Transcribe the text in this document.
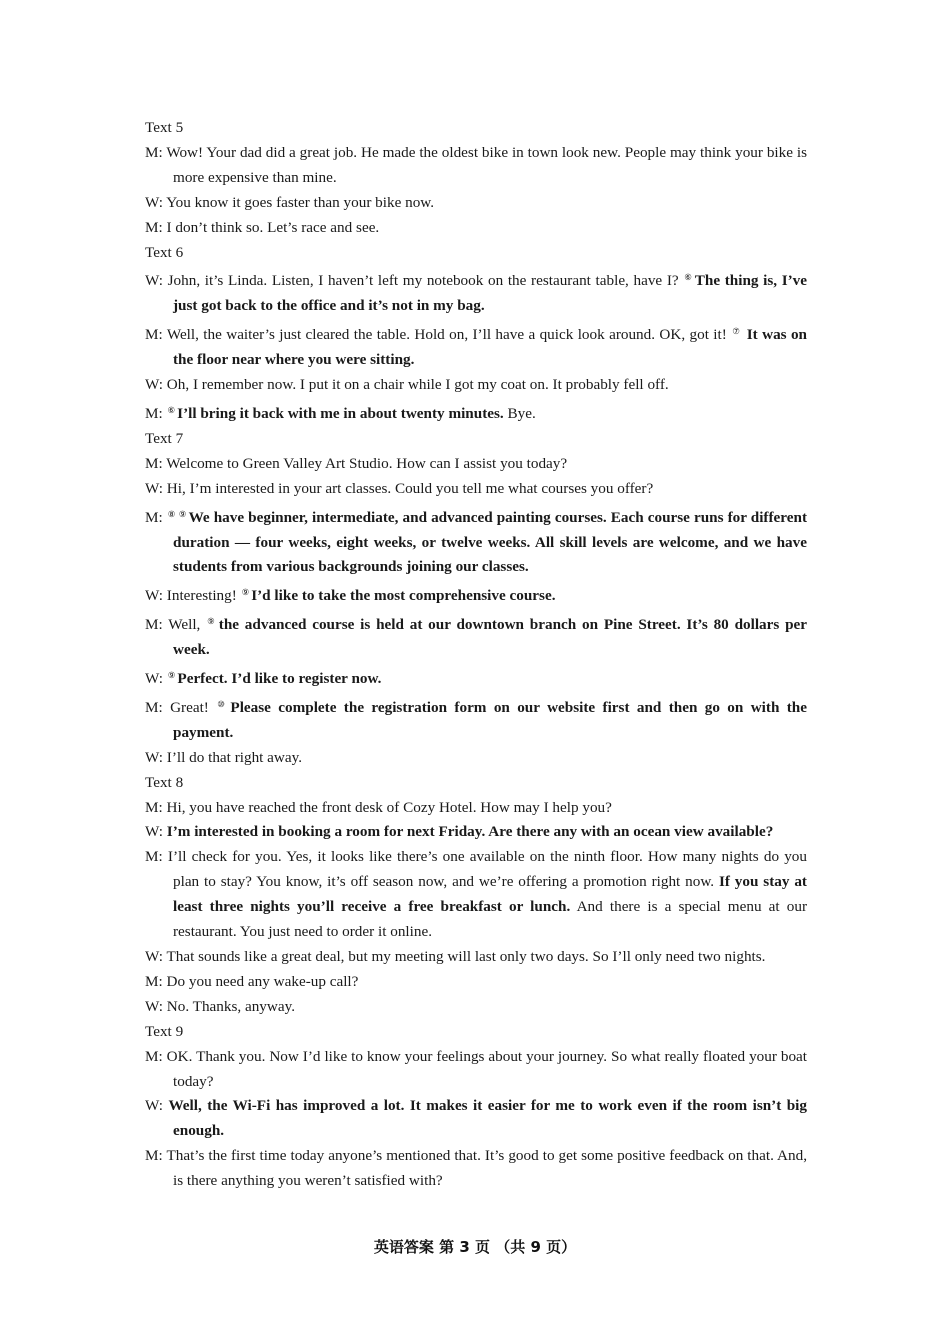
Text 5

M: Wow! Your dad did a great job. He made the oldest bike in town look new. People may think your bike is more expensive than mine.

W: You know it goes faster than your bike now.

M: I don’t think so. Let’s race and see.

Text 6

W: John, it’s Linda. Listen, I haven’t left my notebook on the restaurant table, have I? ⑥ The thing is, I’ve just got back to the office and it’s not in my bag.

M: Well, the waiter’s just cleared the table. Hold on, I’ll have a quick look around. OK, got it! ⑦ It was on the floor near where you were sitting.

W: Oh, I remember now. I put it on a chair while I got my coat on. It probably fell off.

M: ⑥ I’ll bring it back with me in about twenty minutes. Bye.

Text 7

M: Welcome to Green Valley Art Studio. How can I assist you today?

W: Hi, I’m interested in your art classes. Could you tell me what courses you offer?

M: ⑧ ⑨ We have beginner, intermediate, and advanced painting courses. Each course runs for different duration — four weeks, eight weeks, or twelve weeks. All skill levels are welcome, and we have students from various backgrounds joining our classes.

W: Interesting! ⑨ I’d like to take the most comprehensive course.

M: Well, ⑨ the advanced course is held at our downtown branch on Pine Street. It’s 80 dollars per week.

W: ⑨ Perfect. I’d like to register now.

M: Great! ⑩ Please complete the registration form on our website first and then go on with the payment.

W: I’ll do that right away.

Text 8

M: Hi, you have reached the front desk of Cozy Hotel. How may I help you?

W: I’m interested in booking a room for next Friday. Are there any with an ocean view available?

M: I’ll check for you. Yes, it looks like there’s one available on the ninth floor. How many nights do you plan to stay? You know, it’s off season now, and we’re offering a promotion right now. If you stay at least three nights you’ll receive a free breakfast or lunch. And there is a special menu at our restaurant. You just need to order it online.

W: That sounds like a great deal, but my meeting will last only two days. So I’ll only need two nights.

M: Do you need any wake-up call?

W: No. Thanks, anyway.

Text 9

M: OK. Thank you. Now I’d like to know your feelings about your journey. So what really floated your boat today?

W: Well, the Wi-Fi has improved a lot. It makes it easier for me to work even if the room isn’t big enough.

M: That’s the first time today anyone’s mentioned that. It’s good to get some positive feedback on that. And, is there anything you weren’t satisfied with?

英语答案 第 3 页 （共 9 页）
